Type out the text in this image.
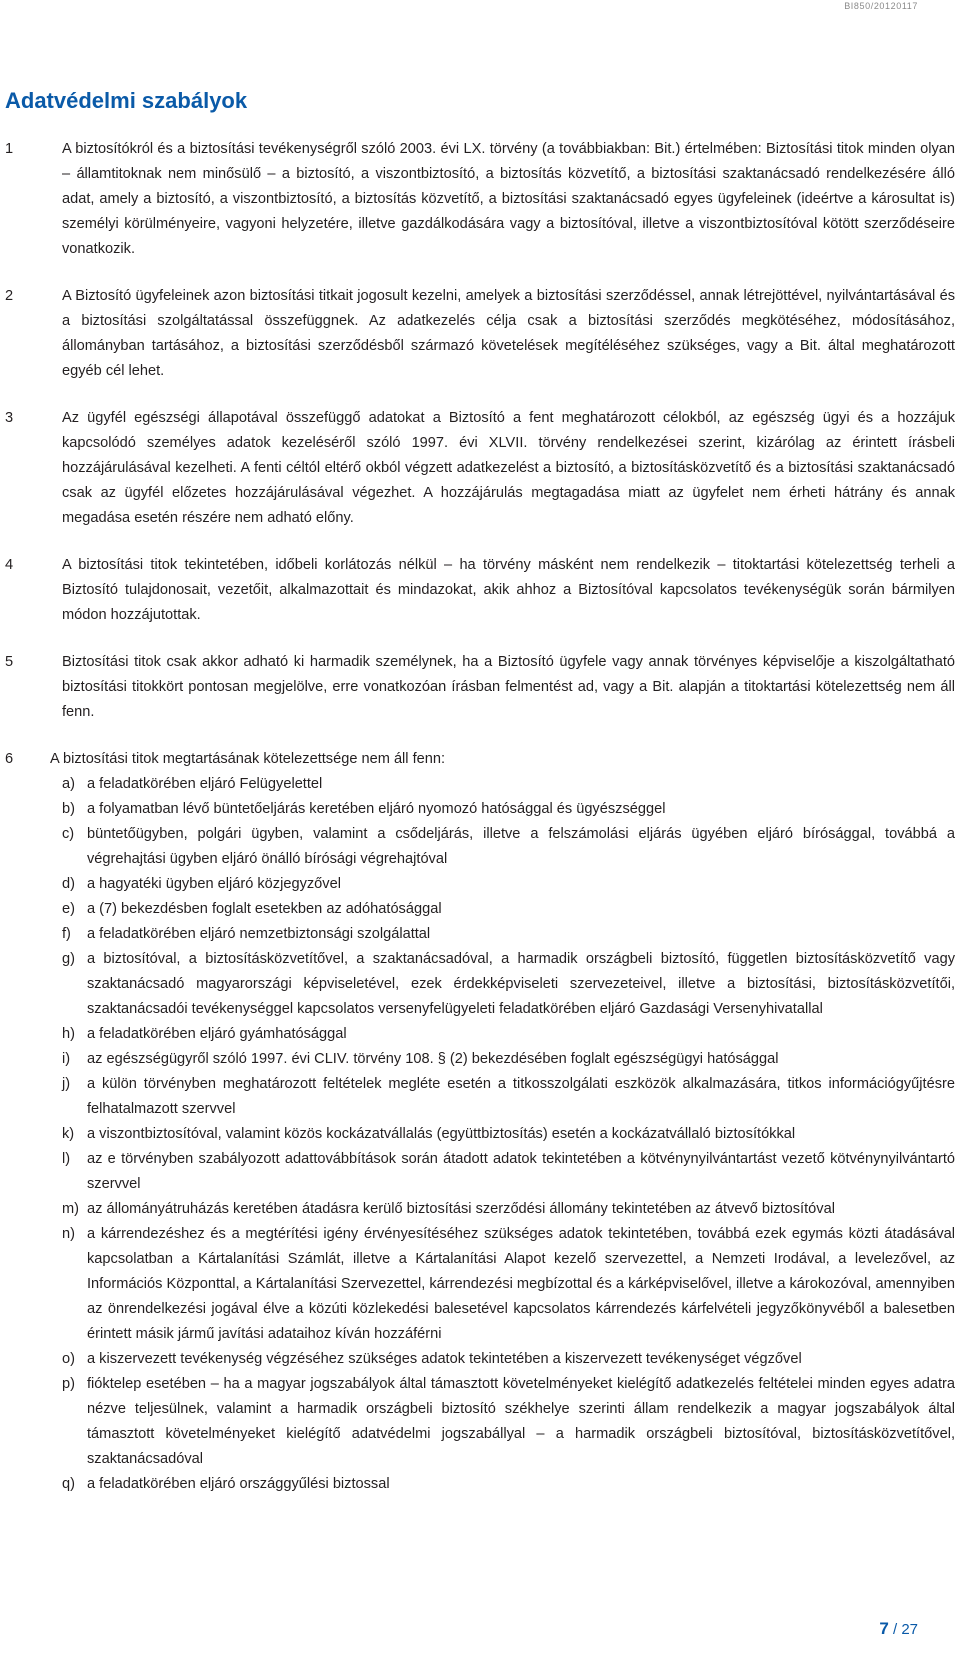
BI850/20120117
Adatvédelmi szabályok
1	A biztosítókról és a biztosítási tevékenységről szóló 2003. évi LX. törvény (a továbbiakban: Bit.) értelmében: Biztosítási titok minden olyan – államtitoknak nem minősülő – a biztosító, a viszontbiztosító, a biztosítás közvetítő, a biztosítási szaktanácsadó rendelkezésére álló adat, amely a biztosító, a viszontbiztosító, a biztosítás közvetítő, a biztosítási szaktanácsadó egyes ügyfeleinek (ideértve a károsultat is) személyi körülményeire, vagyoni helyzetére, illetve gazdálkodására vagy a biztosítóval, illetve a viszontbiztosítóval kötött szerződéseire vonatkozik.
2	A Biztosító ügyfeleinek azon biztosítási titkait jogosult kezelni, amelyek a biztosítási szerződéssel, annak létrejöttével, nyilvántartásával és a biztosítási szolgáltatással összefüggnek. Az adatkezelés célja csak a biztosítási szerződés megkötéséhez, módosításához, állományban tartásához, a biztosítási szerződésből származó követelések megítéléséhez szükséges, vagy a Bit. által meghatározott egyéb cél lehet.
3	Az ügyfél egészségi állapotával összefüggő adatokat a Biztosító a fent meghatározott célokból, az egészség ügyi és a hozzájuk kapcsolódó személyes adatok kezeléséről szóló 1997. évi XLVII. törvény rendelkezései szerint, kizárólag az érintett írásbeli hozzájárulásával kezelheti. A fenti céltól eltérő okból végzett adatkezelést a biztosító, a biztosításközvetítő és a biztosítási szaktanácsadó csak az ügyfél előzetes hozzájárulásával végezhet. A hozzájárulás megtagadása miatt az ügyfelet nem érheti hátrány és annak megadása esetén részére nem adható előny.
4	A biztosítási titok tekintetében, időbeli korlátozás nélkül – ha törvény másként nem rendelkezik – titoktartási kötelezettség terheli a Biztosító tulajdonosait, vezetőit, alkalmazottait és mindazokat, akik ahhoz a Biztosítóval kapcsolatos tevékenységük során bármilyen módon hozzájutottak.
5	Biztosítási titok csak akkor adható ki harmadik személynek, ha a Biztosító ügyfele vagy annak törvényes képviselője a kiszolgáltatható biztosítási titokkört pontosan megjelölve, erre vonatkozóan írásban felmentést ad, vagy a Bit. alapján a titoktartási kötelezettség nem áll fenn.
6	A biztosítási titok megtartásának kötelezettsége nem áll fenn:
a) a feladatkörében eljáró Felügyelettel
b) a folyamatban lévő büntetőeljárás keretében eljáró nyomozó hatósággal és ügyészséggel
c) büntetőügyben, polgári ügyben, valamint a csődeljárás, illetve a felszámolási eljárás ügyében eljáró bírósággal, továbbá a végrehajtási ügyben eljáró önálló bírósági végrehajtóval
d) a hagyatéki ügyben eljáró közjegyzővel
e) a (7) bekezdésben foglalt esetekben az adóhatósággal
f)	a feladatkörében eljáró nemzetbiztonsági szolgálattal
g) a biztosítóval, a biztosításközvetítővel, a szaktanácsadóval, a harmadik országbeli biztosító, független biztosításközvetítő vagy szaktanácsadó magyarországi képviseletével, ezek érdekképviseleti szervezeteivel, illetve a biztosítási, biztosításközvetítői, szaktanácsadói tevékenységgel kapcsolatos versenyfelügyeleti feladatkörében eljáró Gazdasági Versenyhivatallal
h) a feladatkörében eljáró gyámhatósággal
i)	az egészségügyről szóló 1997. évi CLIV. törvény 108. § (2) bekezdésében foglalt egészségügyi hatósággal
j)	a külön törvényben meghatározott feltételek megléte esetén a titkosszolgálati eszközök alkalmazására, titkos információgyűjtésre felhatalmazott szervvel
k) a viszontbiztosítóval, valamint közös kockázatvállalás (együttbiztosítás) esetén a kockázatvállaló biztosítókkal
l)	az e törvényben szabályozott adattovábbítások során átadott adatok tekintetében a kötvénynyilvántartást vezető kötvénynyilvántartó szervvel
m) az állományátruházás keretében átadásra kerülő biztosítási szerződési állomány tekintetében az átvevő biztosítóval
n) a kárrendezéshez és a megtérítési igény érvényesítéséhez szükséges adatok tekintetében, továbbá ezek egymás közti átadásával kapcsolatban a Kártalanítási Számlát, illetve a Kártalanítási Alapot kezelő szervezettel, a Nemzeti Irodával, a levelezővel, az Információs Központtal, a Kártalanítási Szervezettel, kárrendezési megbízottal és a kárképviselővel, illetve a károkozóval, amennyiben az önrendelkezési jogával élve a közúti közlekedési balesetével kapcsolatos kárrendezés kárfelvételi jegyzőkönyvéből a balesetben érintett másik jármű javítási adataihoz kíván hozzáférni
o) a kiszervezett tevékenység végzéséhez szükséges adatok tekintetében a kiszervezett tevékenységet végzővel
p) fióktelep esetében – ha a magyar jogszabályok által támasztott követelményeket kielégítő adatkezelés feltételei minden egyes adatra nézve teljesülnek, valamint a harmadik országbeli biztosító székhelye szerinti állam rendelkezik a magyar jogszabályok által támasztott követelményeket kielégítő adatvédelmi jogszabállyal – a harmadik országbeli biztosítóval, biztosításközvetítővel, szaktanácsadóval
q) a feladatkörében eljáró országgyűlési biztossal
7 / 27
